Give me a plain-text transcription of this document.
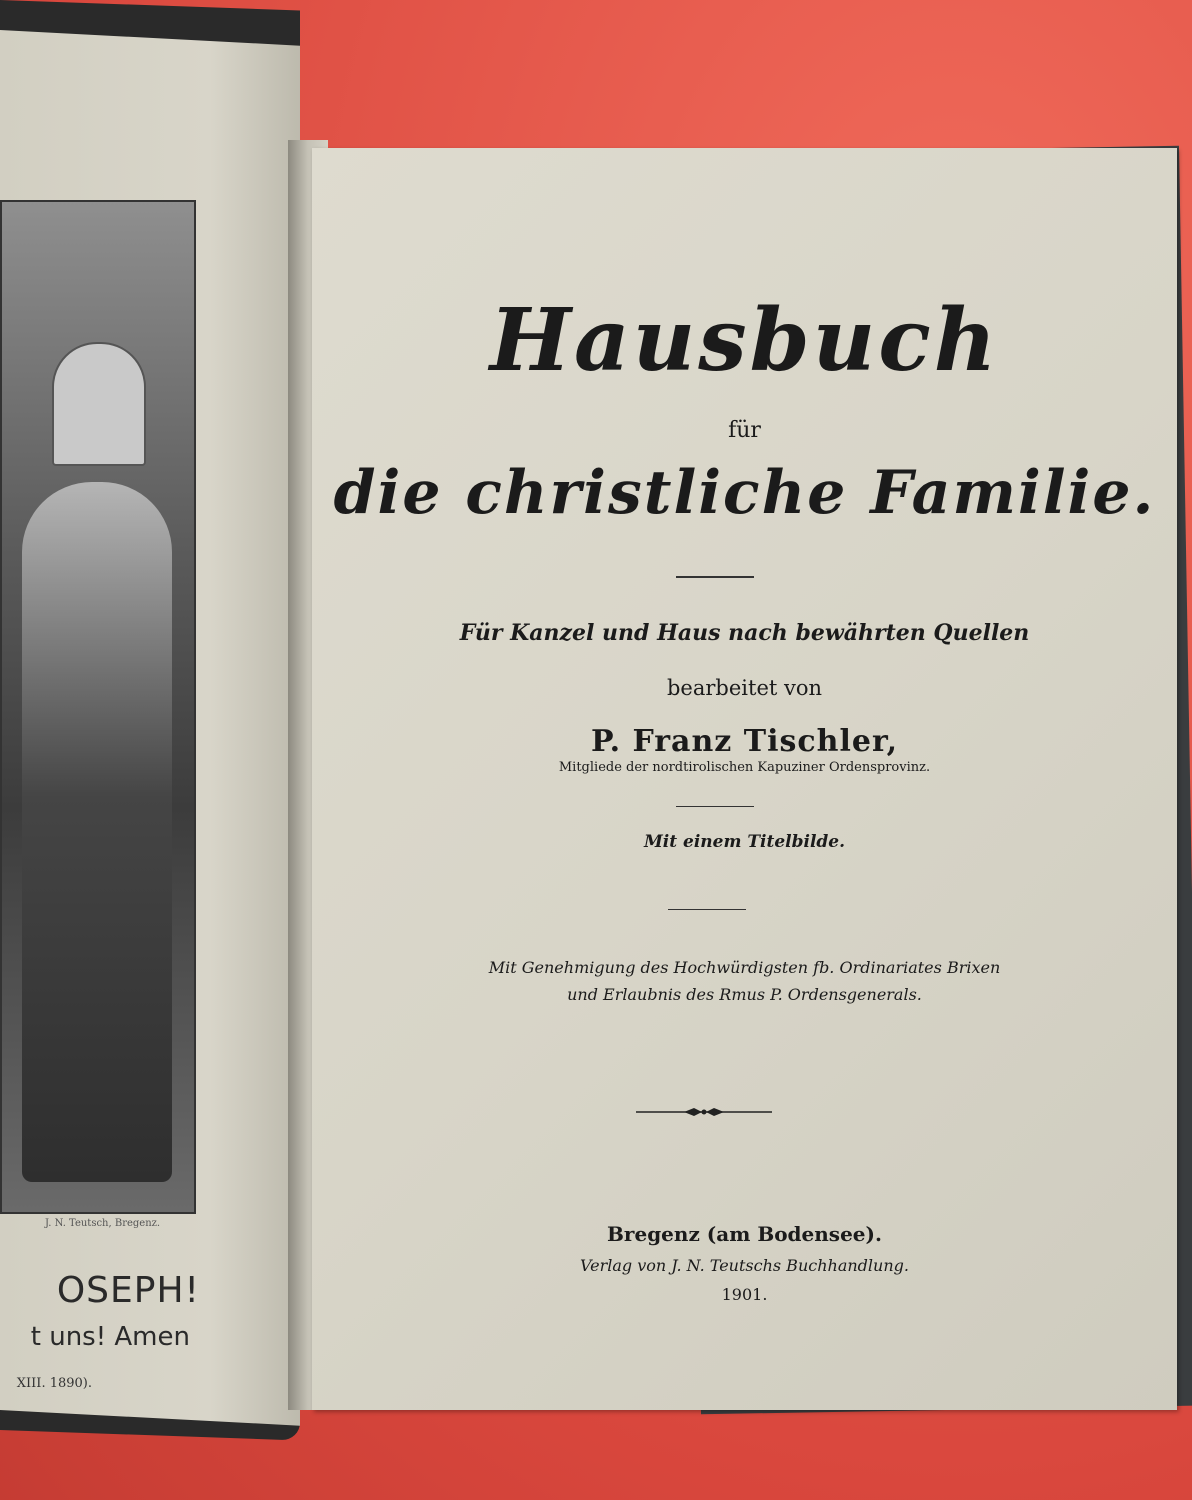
J. N. Teutsch, Bregenz.
OSEPH!
t uns! Amen
XIII. 1890).
Hausbuch
für
die christliche Familie.
Für Kanzel und Haus nach bewährten Quellen
bearbeitet von
P. Franz Tischler,
Mitgliede der nordtirolischen Kapuziner Ordensprovinz.
Mit einem Titelbilde.
Mit Genehmigung des Hochwürdigsten fb. Ordinariates Brixen
und Erlaubnis des Rmus P. Ordensgenerals.
Bregenz (am Bodensee).
Verlag von J. N. Teutschs Buchhandlung.
1901.
